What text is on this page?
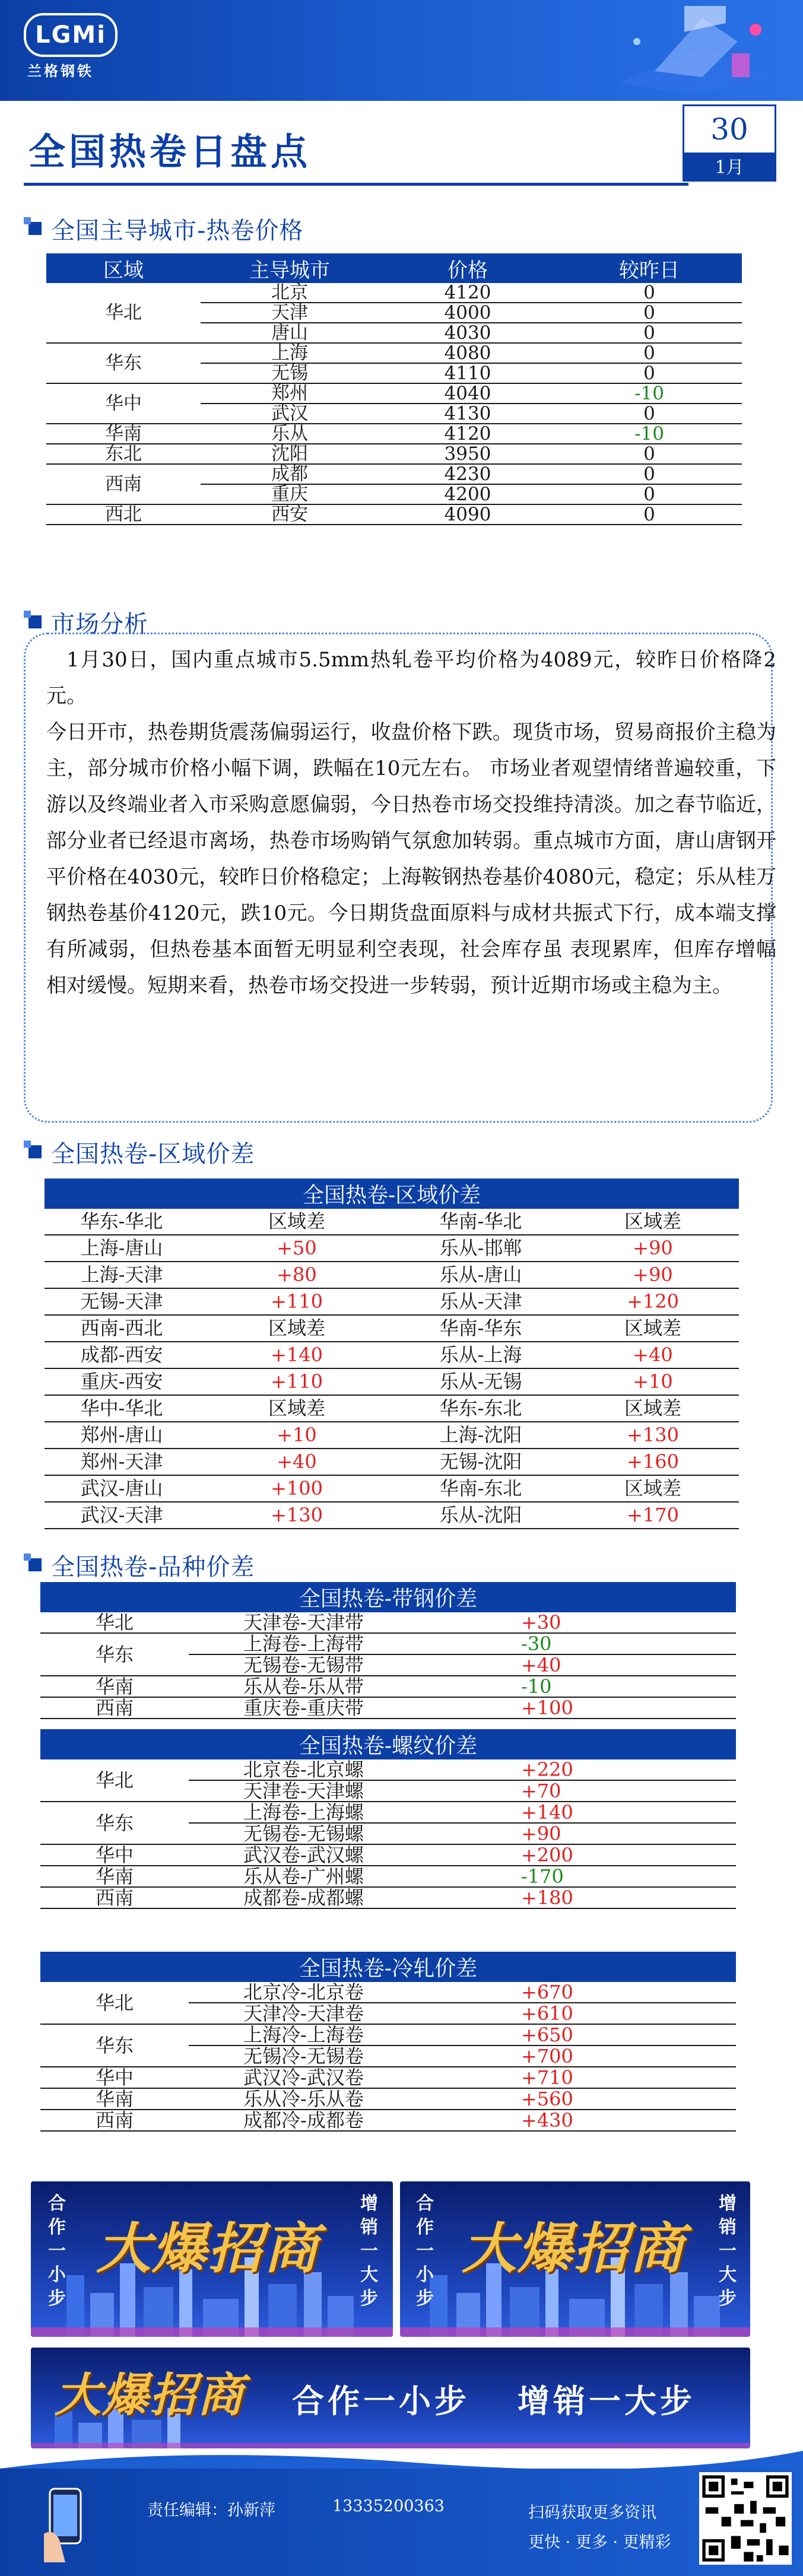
LGMi
兰格钢铁
全国热卷日盘点
30
1月
全国主导城市-热卷价格
区域	主导城市	价格	较昨日
华北	北京	4120	0
	天津	4000	0
	唐山	4030	0
华东	上海	4080	0
	无锡	4110	0
华中	郑州	4040	-10
	武汉	4130	0
华南	乐从	4120	-10
东北	沈阳	3950	0
西南	成都	4230	0
	重庆	4200	0
西北	西安	4090	0
市场分析

1月30日，国内重点城市5.5mm热轧卷平均价格为4089元，较昨日价格降2元。

今日开市，热卷期货震荡偏弱运行，收盘价格下跌。现货市场，贸易商报价主稳为主，部分城市价格小幅下调，跌幅在10元左右。 市场业者观望情绪普遍较重，下游以及终端业者入市采购意愿偏弱，今日热卷市场交投维持清淡。加之春节临近，部分业者已经退市离场，热卷市场购销气氛愈加转弱。重点城市方面，唐山唐钢开平价格在4030元，较昨日价格稳定；上海鞍钢热卷基价4080元，稳定；乐从桂万钢热卷基价4120元，跌10元。今日期货盘面原料与成材共振式下行，成本端支撑有所减弱，但热卷基本面暂无明显利空表现，社会库存虽 表现累库，但库存增幅相对缓慢。短期来看，热卷市场交投进一步转弱，预计近期市场或主稳为主。

全国热卷-区域价差
全国热卷-区域价差			
华东-华北	区域差	华南-华北	区域差
上海-唐山	+50	乐从-邯郸	+90
上海-天津	+80	乐从-唐山	+90
无锡-天津	+110	乐从-天津	+120
西南-西北	区域差	华南-华东	区域差
成都-西安	+140	乐从-上海	+40
重庆-西安	+110	乐从-无锡	+10
华中-华北	区域差	华东-东北	区域差
郑州-唐山	+10	上海-沈阳	+130
郑州-天津	+40	无锡-沈阳	+160
武汉-唐山	+100	华南-东北	区域差
武汉-天津	+130	乐从-沈阳	+170
全国热卷-品种价差
全国热卷-带钢价差		
华北	天津卷-天津带	+30
华东	上海卷-上海带	-30
	无锡卷-无锡带	+40
华南	乐从卷-乐从带	-10
西南	重庆卷-重庆带	+100
全国热卷-螺纹价差		
华北	北京卷-北京螺	+220
	天津卷-天津螺	+70
华东	上海卷-上海螺	+140
	无锡卷-无锡螺	+90
华中	武汉卷-武汉螺	+200
华南	乐从卷-广州螺	-170
西南	成都卷-成都螺	+180
全国热卷-冷轧价差		
华北	北京冷-北京卷	+670
	天津冷-天津卷	+610
华东	上海冷-上海卷	+650
	无锡冷-无锡卷	+700
华中	武汉冷-武汉卷	+710
华南	乐从冷-乐从卷	+560
西南	成都冷-成都卷	+430
合
作
一
小
步
大爆招商
增
销
一
大
步
合
作
一
小
步
大爆招商
增
销
一
大
步
大爆招商 合作一小步 增销一大步
责任编辑：孙新萍	13335200363	扫码获取更多资讯
更快 · 更多 · 更精彩
